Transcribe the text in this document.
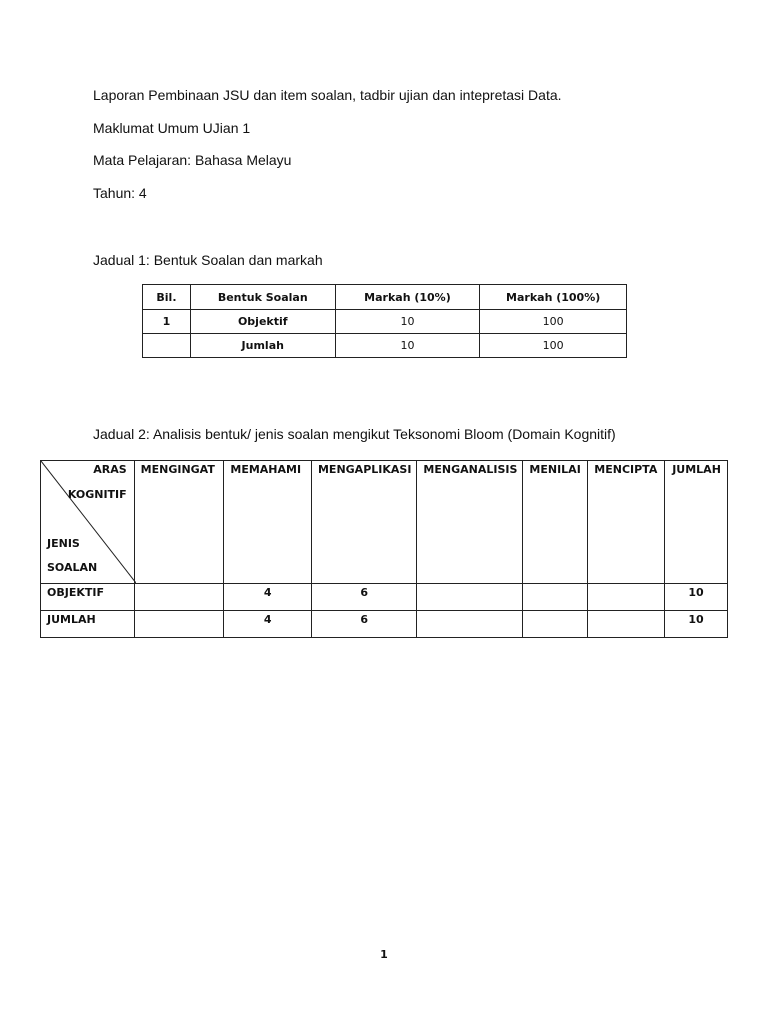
Laporan Pembinaan JSU dan item soalan, tadbir ujian dan intepretasi Data.
Maklumat Umum UJian 1
Mata Pelajaran: Bahasa Melayu
Tahun: 4
Jadual 1: Bentuk Soalan dan markah
Bil.	Bentuk Soalan	Markah (10%)	Markah (100%)
1	Objektif	10	100
	Jumlah	10	100
Jadual 2: Analisis bentuk/ jenis soalan mengikut Teksonomi Bloom (Domain Kognitif)
ARAS
KOGNITIF
JENIS
SOALAN	MENGINGAT	MEMAHAMI	MENGAPLIKASI	MENGANALISIS	MENILAI	MENCIPTA	JUMLAH
OBJEKTIF		4	6				10
JUMLAH		4	6				10
1
